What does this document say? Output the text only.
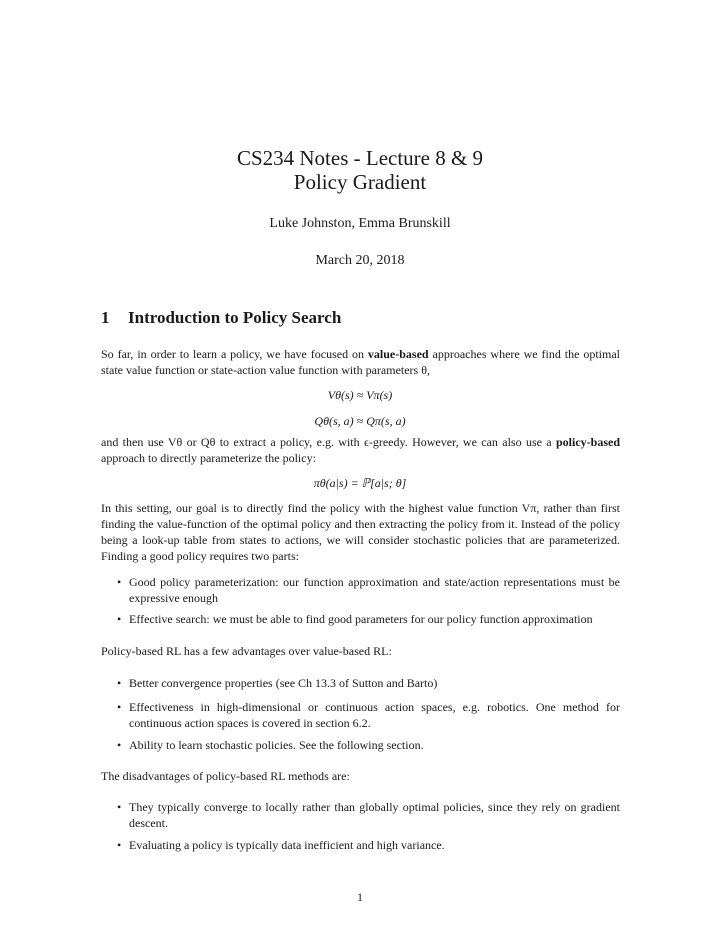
CS234 Notes - Lecture 8 & 9
Policy Gradient
Luke Johnston, Emma Brunskill
March 20, 2018
1 Introduction to Policy Search
So far, in order to learn a policy, we have focused on value-based approaches where we find the optimal state value function or state-action value function with parameters θ,
Vθ(s) ≈ Vπ(s)
Qθ(s, a) ≈ Qπ(s, a)
and then use Vθ or Qθ to extract a policy, e.g. with ϵ-greedy. However, we can also use a policy-based approach to directly parameterize the policy:
πθ(a|s) = ℙ[a|s; θ]
In this setting, our goal is to directly find the policy with the highest value function Vπ, rather than first finding the value-function of the optimal policy and then extracting the policy from it. Instead of the policy being a look-up table from states to actions, we will consider stochastic policies that are parameterized. Finding a good policy requires two parts:
• Good policy parameterization: our function approximation and state/action representations must be expressive enough
• Effective search: we must be able to find good parameters for our policy function approximation
Policy-based RL has a few advantages over value-based RL:
• Better convergence properties (see Ch 13.3 of Sutton and Barto)
• Effectiveness in high-dimensional or continuous action spaces, e.g. robotics. One method for continuous action spaces is covered in section 6.2.
• Ability to learn stochastic policies. See the following section.
The disadvantages of policy-based RL methods are:
• They typically converge to locally rather than globally optimal policies, since they rely on gradient descent.
• Evaluating a policy is typically data inefficient and high variance.
1
